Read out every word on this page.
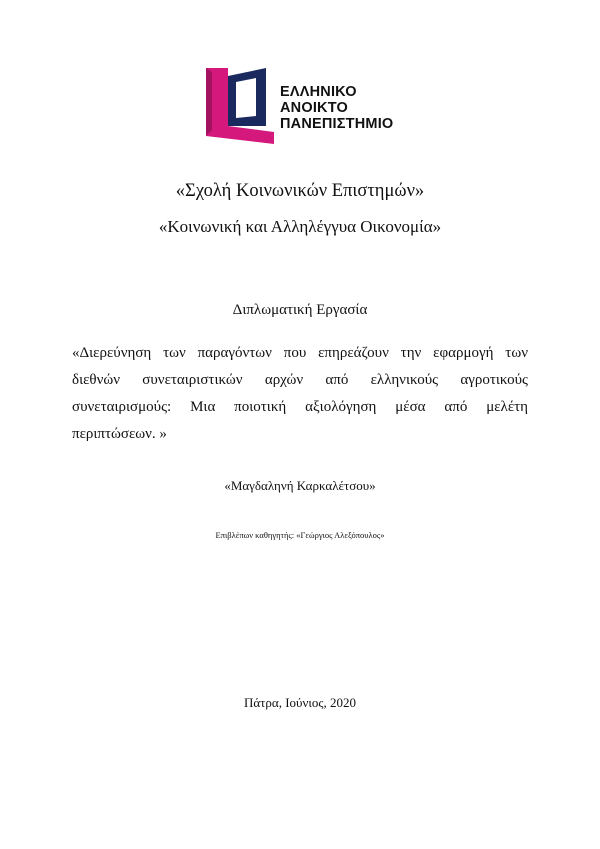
ΕΛΛΗΝΙΚΟ
ΑΝΟΙΚΤΟ
ΠΑΝΕΠΙΣΤΗΜΙΟ
«Σχολή Κοινωνικών Επιστημών»
«Κοινωνική και Αλληλέγγυα Οικονομία»
Διπλωματική Εργασία
«Διερεύνηση των παραγόντων που επηρεάζουν την εφαρμογή των
διεθνών συνεταιριστικών αρχών από ελληνικούς αγροτικούς
συνεταιρισμούς: Μια ποιοτική αξιολόγηση μέσα από μελέτη
περιπτώσεων. »
«Μαγδαληνή Καρκαλέτσου»
Επιβλέπων καθηγητής: «Γεώργιος Αλεξόπουλος»
Πάτρα, Ιούνιος, 2020
